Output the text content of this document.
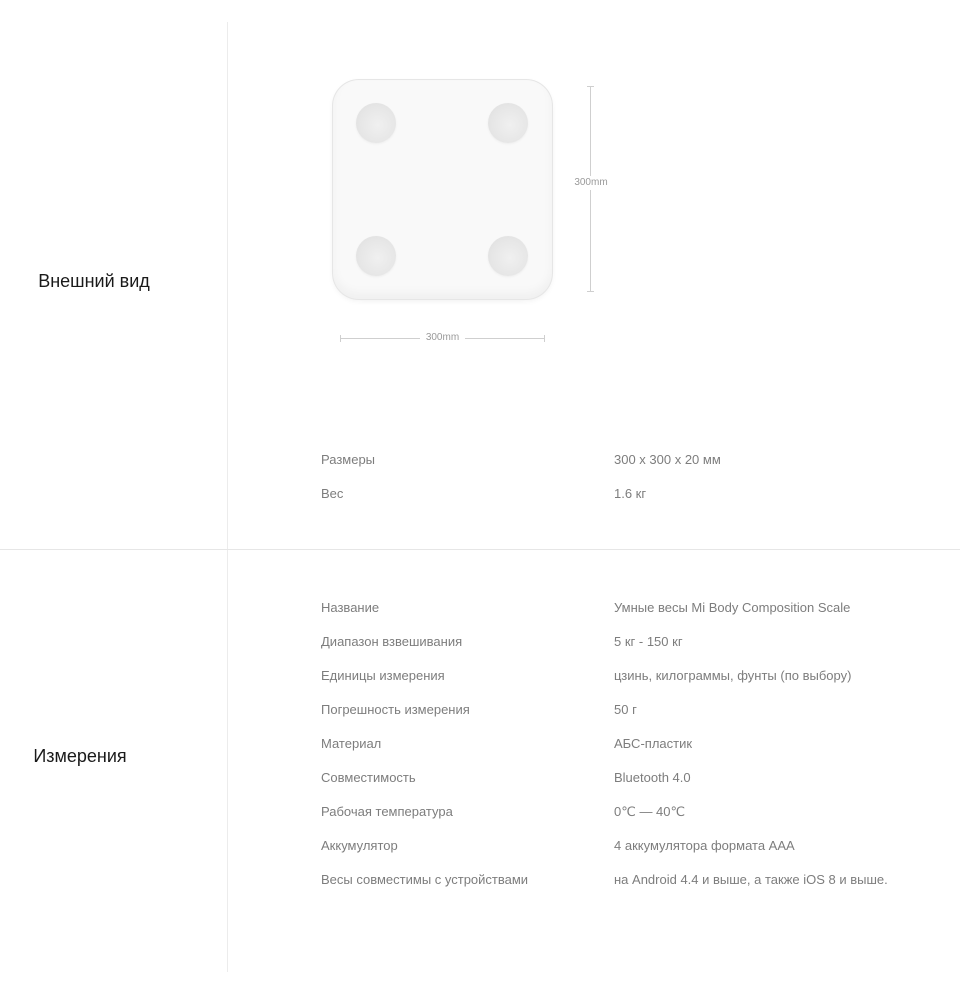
Внешний вид
300mm
300mm
Размеры	300 x 300 x 20 мм
Вес	1.6 кг
Измерения
Название	Умные весы Mi Body Composition Scale
Диапазон взвешивания	5 кг - 150 кг
Единицы измерения	цзинь, килограммы, фунты (по выбору)
Погрешность измерения	50 г
Материал	АБС-пластик
Совместимость	Bluetooth 4.0
Рабочая температура	0℃ — 40℃
Аккумулятор	4 аккумулятора формата AAA
Весы совместимы с устройствами	на Android 4.4 и выше, а также iOS 8 и выше.
